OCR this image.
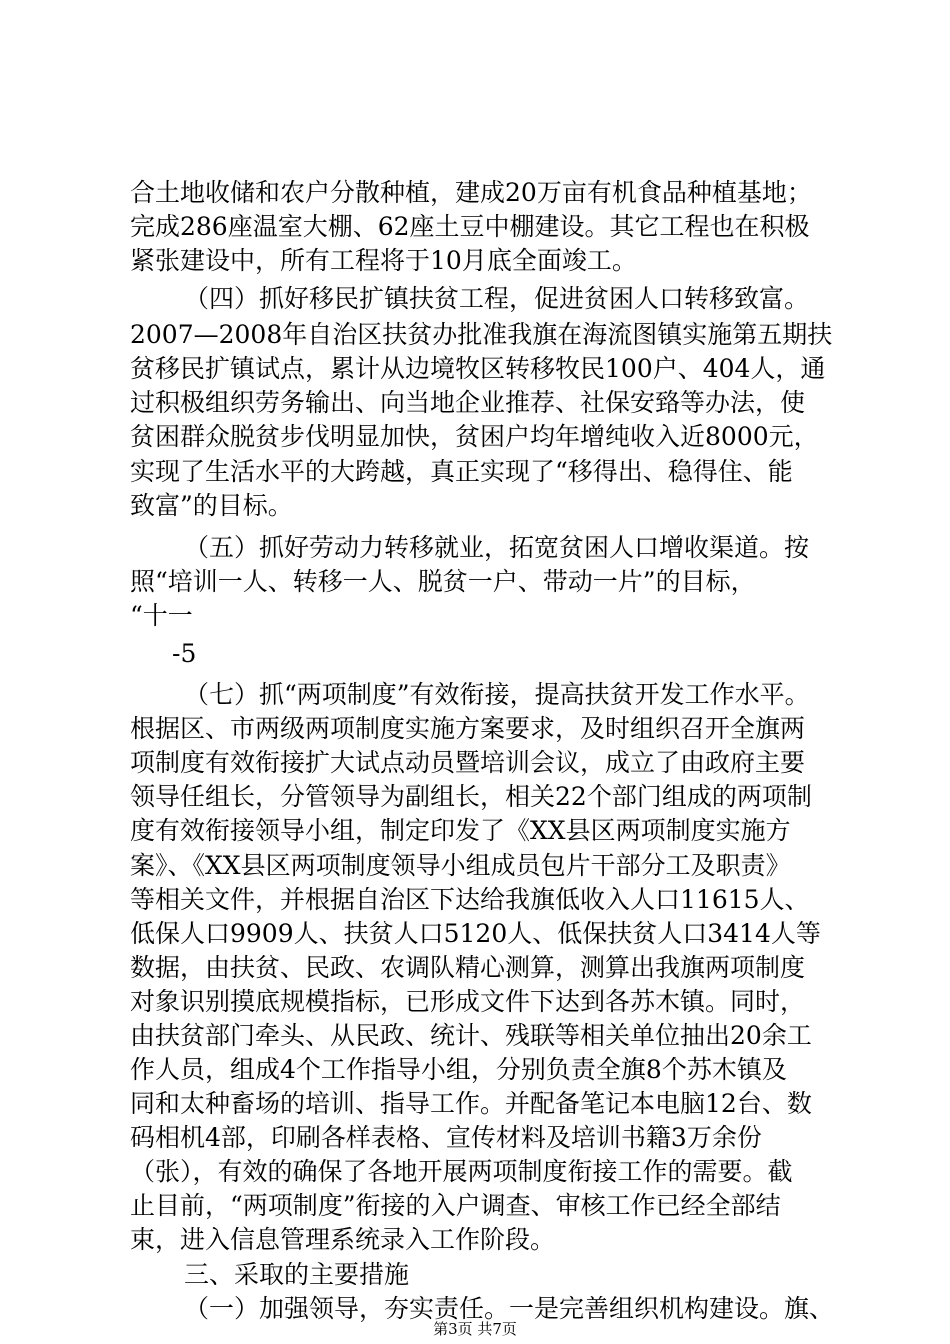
合土地收储和农户分散种植，建成20万亩有机食品种植基地；
完成286座温室大棚、62座土豆中棚建设。其它工程也在积极
紧张建设中，所有工程将于10月底全面竣工。
（四）抓好移民扩镇扶贫工程，促进贫困人口转移致富。
2007—2008年自治区扶贫办批准我旗在海流图镇实施第五期扶
贫移民扩镇试点，累计从边境牧区转移牧民100户、404人，通
过积极组织劳务输出、向当地企业推荐、社保安臵等办法，使
贫困群众脱贫步伐明显加快，贫困户均年增纯收入近8000元，
实现了生活水平的大跨越，真正实现了“移得出、稳得住、能
致富”的目标。
（五）抓好劳动力转移就业，拓宽贫困人口增收渠道。按
照“培训一人、转移一人、脱贫一户、带动一片”的目标，
“十一
-5
（七）抓“两项制度”有效衔接，提高扶贫开发工作水平。
根据区、市两级两项制度实施方案要求，及时组织召开全旗两
项制度有效衔接扩大试点动员暨培训会议，成立了由政府主要
领导任组长，分管领导为副组长，相关22个部门组成的两项制
度有效衔接领导小组，制定印发了《XX县区两项制度实施方
案》、《XX县区两项制度领导小组成员包片干部分工及职责》
等相关文件，并根据自治区下达给我旗低收入人口11615人、
低保人口9909人、扶贫人口5120人、低保扶贫人口3414人等
数据，由扶贫、民政、农调队精心测算，测算出我旗两项制度
对象识别摸底规模指标，已形成文件下达到各苏木镇。同时，
由扶贫部门牵头、从民政、统计、残联等相关单位抽出20余工
作人员，组成4个工作指导小组，分别负责全旗8个苏木镇及
同和太种畜场的培训、指导工作。并配备笔记本电脑12台、数
码相机4部，印刷各样表格、宣传材料及培训书籍3万余份
（张），有效的确保了各地开展两项制度衔接工作的需要。截
止目前，“两项制度”衔接的入户调查、审核工作已经全部结
束，进入信息管理系统录入工作阶段。
三、采取的主要措施
（一）加强领导，夯实责任。一是完善组织机构建设。旗、
第3页 共7页
